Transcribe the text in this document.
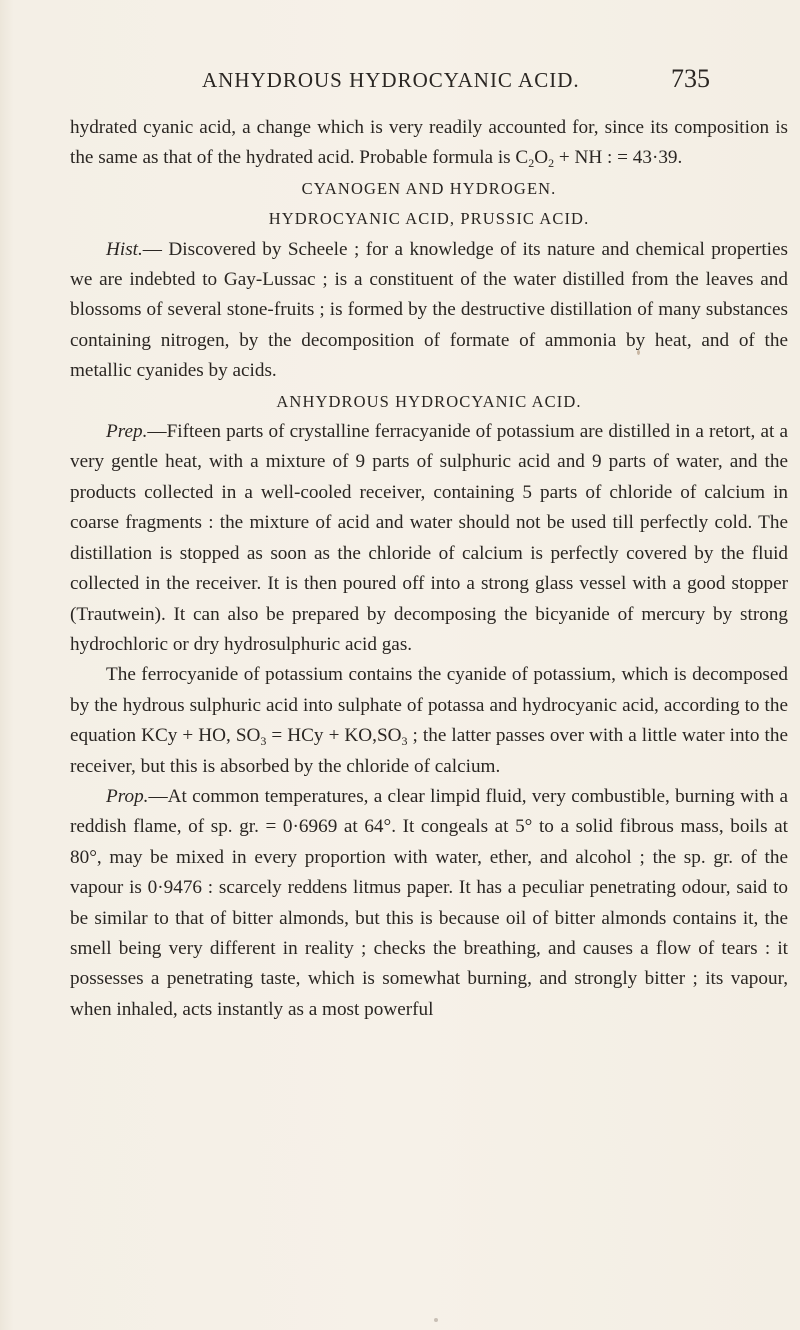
ANHYDROUS HYDROCYANIC ACID.	735

hydrated cyanic acid, a change which is very readily accounted for, since its composition is the same as that of the hydrated acid. Probable formula is $C_2O_2$ + NH : = 43·39.

CYANOGEN AND HYDROGEN.

HYDROCYANIC ACID, PRUSSIC ACID.

Hist.— Discovered by Scheele ; for a knowledge of its nature and chemical properties we are indebted to Gay-Lussac ; is a constituent of the water distilled from the leaves and blossoms of several stone-fruits ; is formed by the destructive distillation of many substances containing nitrogen, by the decomposition of formate of ammonia by heat, and of the metallic cyanides by acids.

ANHYDROUS HYDROCYANIC ACID.

Prep.—Fifteen parts of crystalline ferracyanide of potassium are distilled in a retort, at a very gentle heat, with a mixture of 9 parts of sulphuric acid and 9 parts of water, and the products collected in a well-cooled receiver, containing 5 parts of chloride of calcium in coarse fragments : the mixture of acid and water should not be used till perfectly cold. The distillation is stopped as soon as the chloride of calcium is perfectly covered by the fluid collected in the receiver. It is then poured off into a strong glass vessel with a good stopper (Trautwein). It can also be prepared by decomposing the bicyanide of mercury by strong hydrochloric or dry hydrosulphuric acid gas.

The ferrocyanide of potassium contains the cyanide of potassium, which is decomposed by the hydrous sulphuric acid into sulphate of potassa and hydrocyanic acid, according to the equation KCy + HO, $SO_3$ = HCy + $KO,SO_3$ ; the latter passes over with a little water into the receiver, but this is absorbed by the chloride of calcium.

Prop.—At common temperatures, a clear limpid fluid, very combustible, burning with a reddish flame, of sp. gr. = 0·6969 at 64°. It congeals at 5° to a solid fibrous mass, boils at 80°, may be mixed in every proportion with water, ether, and alcohol ; the sp. gr. of the vapour is 0·9476 : scarcely reddens litmus paper. It has a peculiar penetrating odour, said to be similar to that of bitter almonds, but this is because oil of bitter almonds contains it, the smell being very different in reality ; checks the breathing, and causes a flow of tears : it possesses a penetrating taste, which is somewhat burning, and strongly bitter ; its vapour, when inhaled, acts instantly as a most powerful
